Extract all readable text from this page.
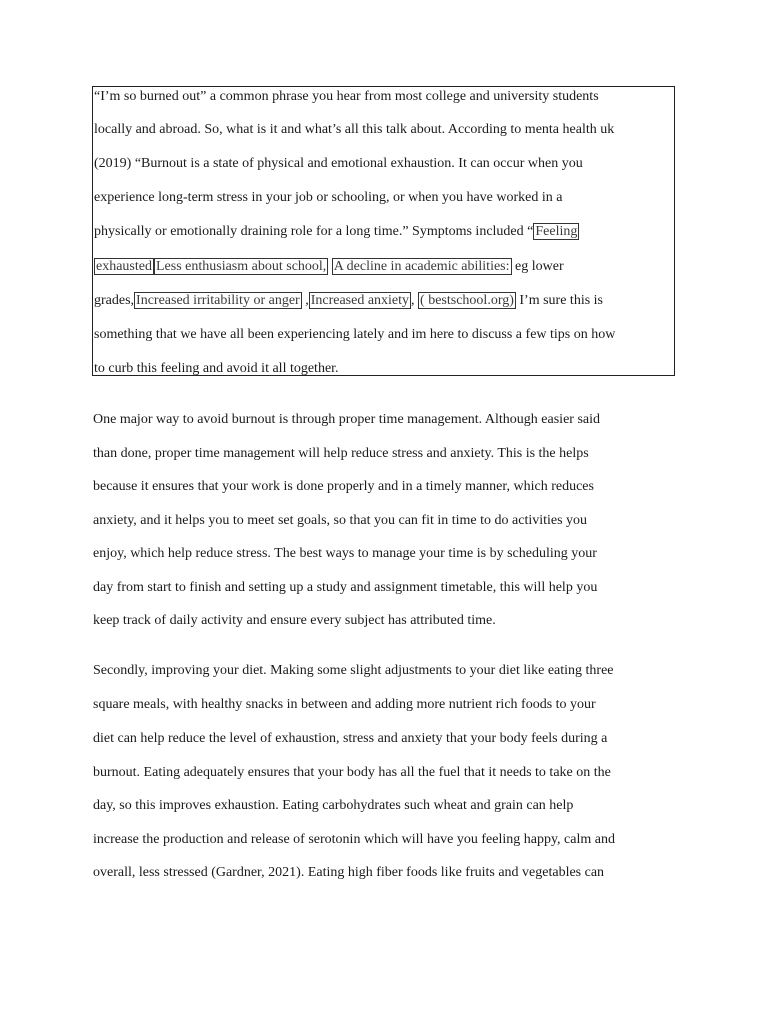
“I’m so burned out” a common phrase you hear from most college and university students
locally and abroad. So, what is it and what’s all this talk about. According to menta health uk
(2019) “Burnout is a state of physical and emotional exhaustion. It can occur when you
experience long-term stress in your job or schooling, or when you have worked in a
physically or emotionally draining role for a long time.” Symptoms included “ Feeling
exhausted Less enthusiasm about school, A decline in academic abilities: eg lower
grades, Increased irritability or anger , Increased anxiety , ( bestschool.org) I’m sure this is
something that we have all been experiencing lately and im here to discuss a few tips on how
to curb this feeling and avoid it all together.
One major way to avoid burnout is through proper time management. Although easier said
than done, proper time management will help reduce stress and anxiety. This is the helps
because it ensures that your work is done properly and in a timely manner, which reduces
anxiety, and it helps you to meet set goals, so that you can fit in time to do activities you
enjoy, which help reduce stress. The best ways to manage your time is by scheduling your
day from start to finish and setting up a study and assignment timetable, this will help you
keep track of daily activity and ensure every subject has attributed time.
Secondly, improving your diet. Making some slight adjustments to your diet like eating three
square meals, with healthy snacks in between and adding more nutrient rich foods to your
diet can help reduce the level of exhaustion, stress and anxiety that your body feels during a
burnout. Eating adequately ensures that your body has all the fuel that it needs to take on the
day, so this improves exhaustion. Eating carbohydrates such wheat and grain can help
increase the production and release of serotonin which will have you feeling happy, calm and
overall, less stressed (Gardner, 2021). Eating high fiber foods like fruits and vegetables can
